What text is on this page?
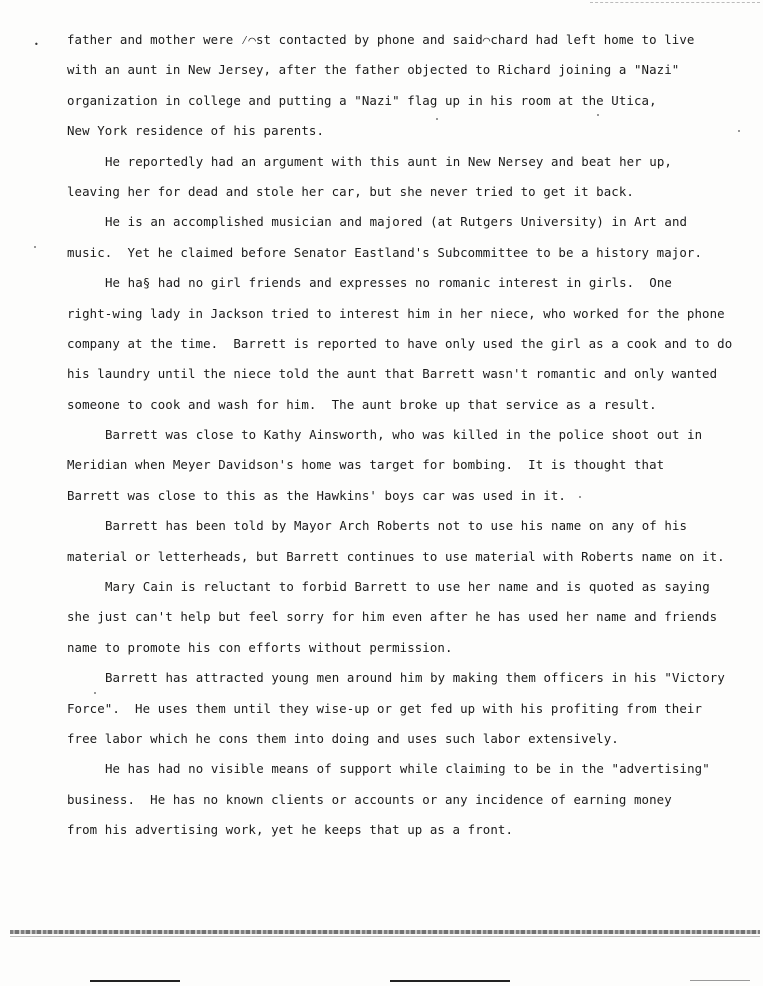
father and mother were ⁄⌒st contacted by phone and said⌒chard had left home to live
with an aunt in New Jersey, after the father objected to Richard joining a "Nazi"
organization in college and putting a "Nazi" flag up in his room at the Utica,
New York residence of his parents.
He reportedly had an argument with this aunt in New Nersey and beat her up,
leaving her for dead and stole her car, but she never tried to get it back.
He is an accomplished musician and majored (at Rutgers University) in Art and
music.  Yet he claimed before Senator Eastland's Subcommittee to be a history major.
He ha§ had no girl friends and expresses no romanic interest in girls.  One
right-wing lady in Jackson tried to interest him in her niece, who worked for the phone
company at the time.  Barrett is reported to have only used the girl as a cook and to do
his laundry until the niece told the aunt that Barrett wasn't romantic and only wanted
someone to cook and wash for him.  The aunt broke up that service as a result.
Barrett was close to Kathy Ainsworth, who was killed in the police shoot out in
Meridian when Meyer Davidson's home was target for bombing.  It is thought that
Barrett was close to this as the Hawkins' boys car was used in it.
Barrett has been told by Mayor Arch Roberts not to use his name on any of his
material or letterheads, but Barrett continues to use material with Roberts name on it.
Mary Cain is reluctant to forbid Barrett to use her name and is quoted as saying
she just can't help but feel sorry for him even after he has used her name and friends
name to promote his con efforts without permission.
Barrett has attracted young men around him by making them officers in his "Victory
Force".  He uses them until they wise-up or get fed up with his profiting from their
free labor which he cons them into doing and uses such labor extensively.
He has had no visible means of support while claiming to be in the "advertising"
business.  He has no known clients or accounts or any incidence of earning money
from his advertising work, yet he keeps that up as a front.
•
